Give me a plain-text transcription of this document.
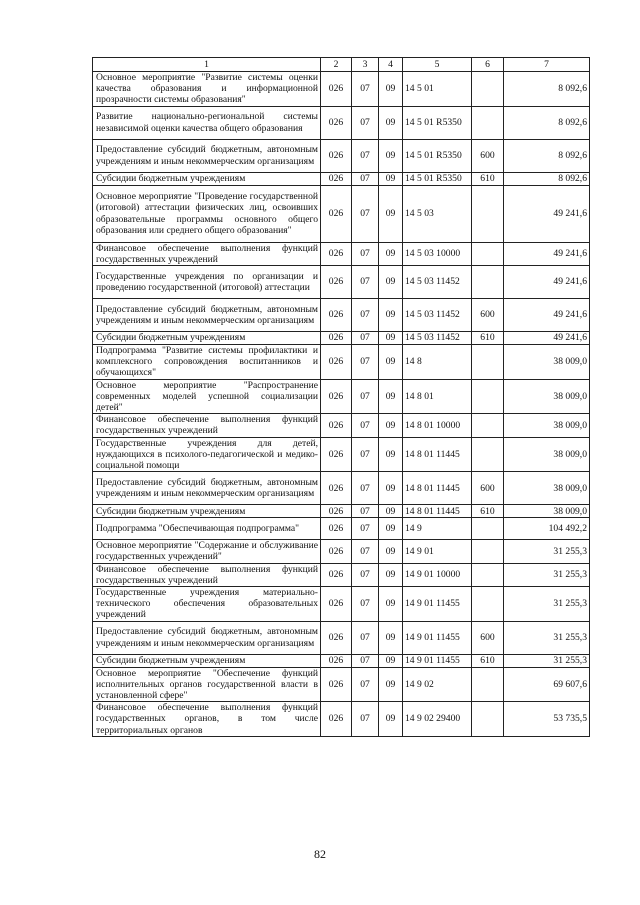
1	2	3	4	5	6	7
Основное мероприятие "Развитие системы оценки качества образования и информационной прозрачности системы образования"	026	07	09	14 5 01		8 092,6
Развитие национально-региональной системы независимой оценки качества общего образования	026	07	09	14 5 01 R5350		8 092,6
Предоставление субсидий бюджетным, автономным учреждениям и иным некоммерческим организациям	026	07	09	14 5 01 R5350	600	8 092,6
Субсидии бюджетным учреждениям	026	07	09	14 5 01 R5350	610	8 092,6
Основное мероприятие "Проведение государственной (итоговой) аттестации физических лиц, освоивших образовательные программы основного общего образования или среднего общего образования"	026	07	09	14 5 03		49 241,6
Финансовое обеспечение выполнения функций государственных учреждений	026	07	09	14 5 03 10000		49 241,6
Государственные учреждения по организации и проведению государственной (итоговой) аттестации	026	07	09	14 5 03 11452		49 241,6
Предоставление субсидий бюджетным, автономным учреждениям и иным некоммерческим организациям	026	07	09	14 5 03 11452	600	49 241,6
Субсидии бюджетным учреждениям	026	07	09	14 5 03 11452	610	49 241,6
Подпрограмма "Развитие системы профилактики и комплексного сопровождения воспитанников и обучающихся"	026	07	09	14 8		38 009,0
Основное мероприятие "Распространение современных моделей успешной социализации детей"	026	07	09	14 8 01		38 009,0
Финансовое обеспечение выполнения функций государственных учреждений	026	07	09	14 8 01 10000		38 009,0
Государственные учреждения для детей, нуждающихся в психолого-педагогической и медико-социальной помощи	026	07	09	14 8 01 11445		38 009,0
Предоставление субсидий бюджетным, автономным учреждениям и иным некоммерческим организациям	026	07	09	14 8 01 11445	600	38 009,0
Субсидии бюджетным учреждениям	026	07	09	14 8 01 11445	610	38 009,0
Подпрограмма "Обеспечивающая подпрограмма"	026	07	09	14 9		104 492,2
Основное мероприятие "Содержание и обслуживание государственных учреждений"	026	07	09	14 9 01		31 255,3
Финансовое обеспечение выполнения функций государственных учреждений	026	07	09	14 9 01 10000		31 255,3
Государственные учреждения материально-технического обеспечения образовательных учреждений	026	07	09	14 9 01 11455		31 255,3
Предоставление субсидий бюджетным, автономным учреждениям и иным некоммерческим организациям	026	07	09	14 9 01 11455	600	31 255,3
Субсидии бюджетным учреждениям	026	07	09	14 9 01 11455	610	31 255,3
Основное мероприятие "Обеспечение функций исполнительных органов государственной власти в установленной сфере"	026	07	09	14 9 02		69 607,6
Финансовое обеспечение выполнения функций государственных органов, в том числе территориальных органов	026	07	09	14 9 02 29400		53 735,5
82
